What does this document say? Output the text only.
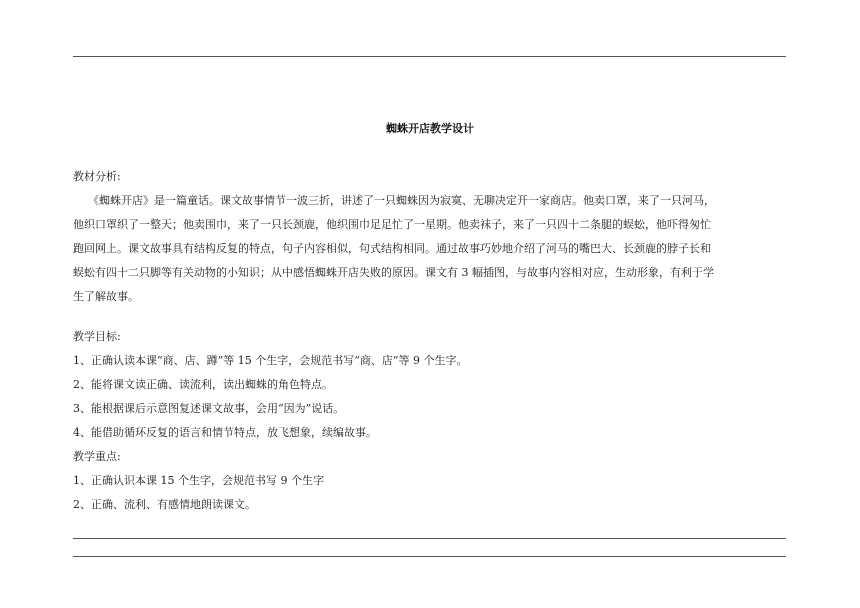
蜘蛛开店教学设计
教材分析:
《蜘蛛开店》是一篇童话。课文故事情节一波三折，讲述了一只蜘蛛因为寂寞、无聊决定开一家商店。他卖口罩，来了一只河马，
他织口罩织了一整天；他卖围巾，来了一只长颈鹿，他织围巾足足忙了一星期。他卖袜子，来了一只四十二条腿的蜈蚣，他吓得匆忙
跑回网上。课文故事具有结构反复的特点，句子内容相似，句式结构相同。通过故事巧妙地介绍了河马的嘴巴大、长颈鹿的脖子长和
蜈蚣有四十二只脚等有关动物的小知识；从中感悟蜘蛛开店失败的原因。课文有 3 幅插图，与故事内容相对应，生动形象，有利于学
生了解故事。
教学目标:
1、正确认读本课“商、店、蹲”等 15 个生字，会规范书写“商、店”等 9 个生字。
2、能将课文读正确、读流利，读出蜘蛛的角色特点。
3、能根据课后示意图复述课文故事，会用“因为”说话。
4、能借助循环反复的语言和情节特点，放飞想象，续编故事。
教学重点:
1、正确认识本课 15 个生字，会规范书写 9 个生字
2、正确、流利、有感情地朗读课文。
